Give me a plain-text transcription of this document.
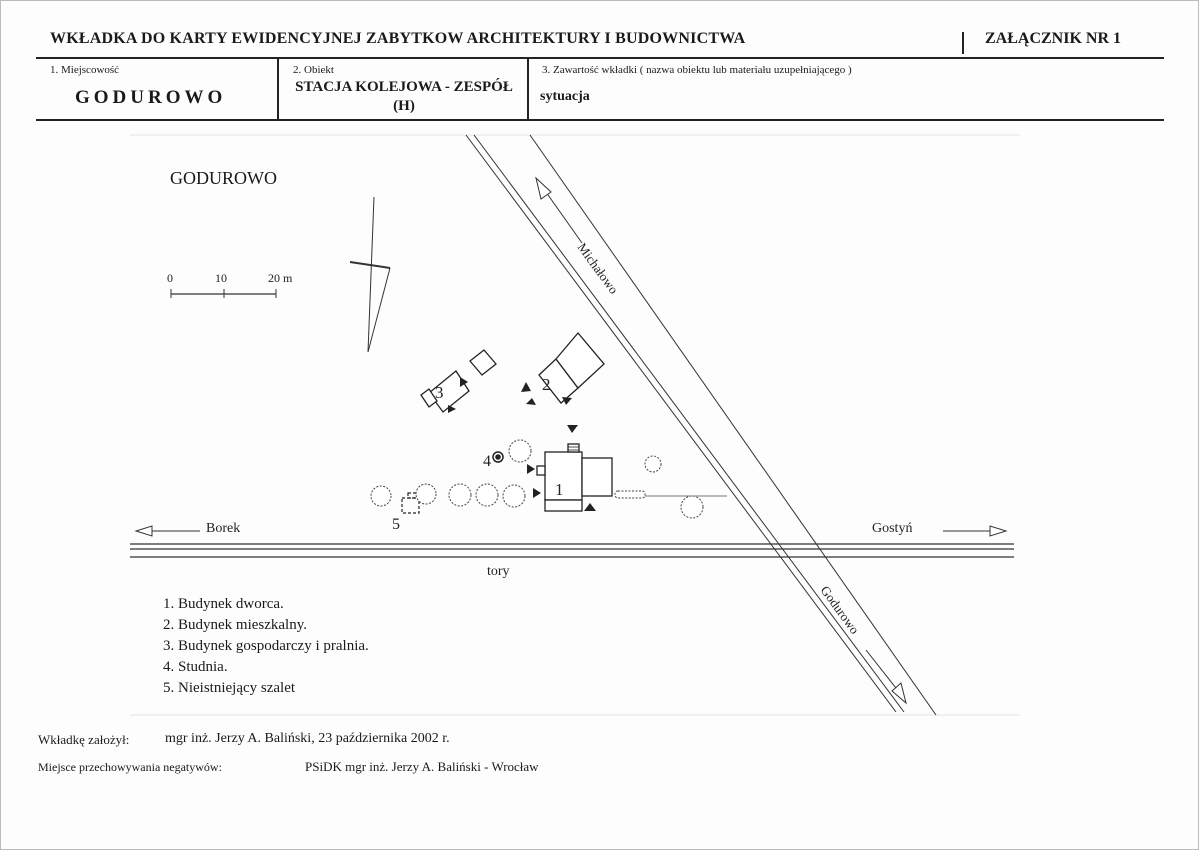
WKŁADKA DO KARTY EWIDENCYJNEJ ZABYTKOW ARCHITEKTURY I BUDOWNICTWA	ZAŁĄCZNIK NR 1
1. Miejscowość
GODUROWO
2. Obiekt
STACJA KOLEJOWA - ZESPÓŁ (H)
3. Zawartość wkładki ( nazwa obiektu lub materiału uzupełniającego )
sytuacja
GODUROWO
0	10	20 m	Michałowo
Godurowo
Borek	Gostyń
tory
1
2
3
4
5
1. Budynek dworca.
2. Budynek mieszkalny.
3. Budynek gospodarczy i pralnia.
4. Studnia.
5. Nieistniejący szalet
Wkładkę założył:	mgr inż. Jerzy A. Baliński, 23 października 2002 r.
Miejsce przechowywania negatywów:	PSiDK mgr inż. Jerzy A. Baliński - Wrocław
